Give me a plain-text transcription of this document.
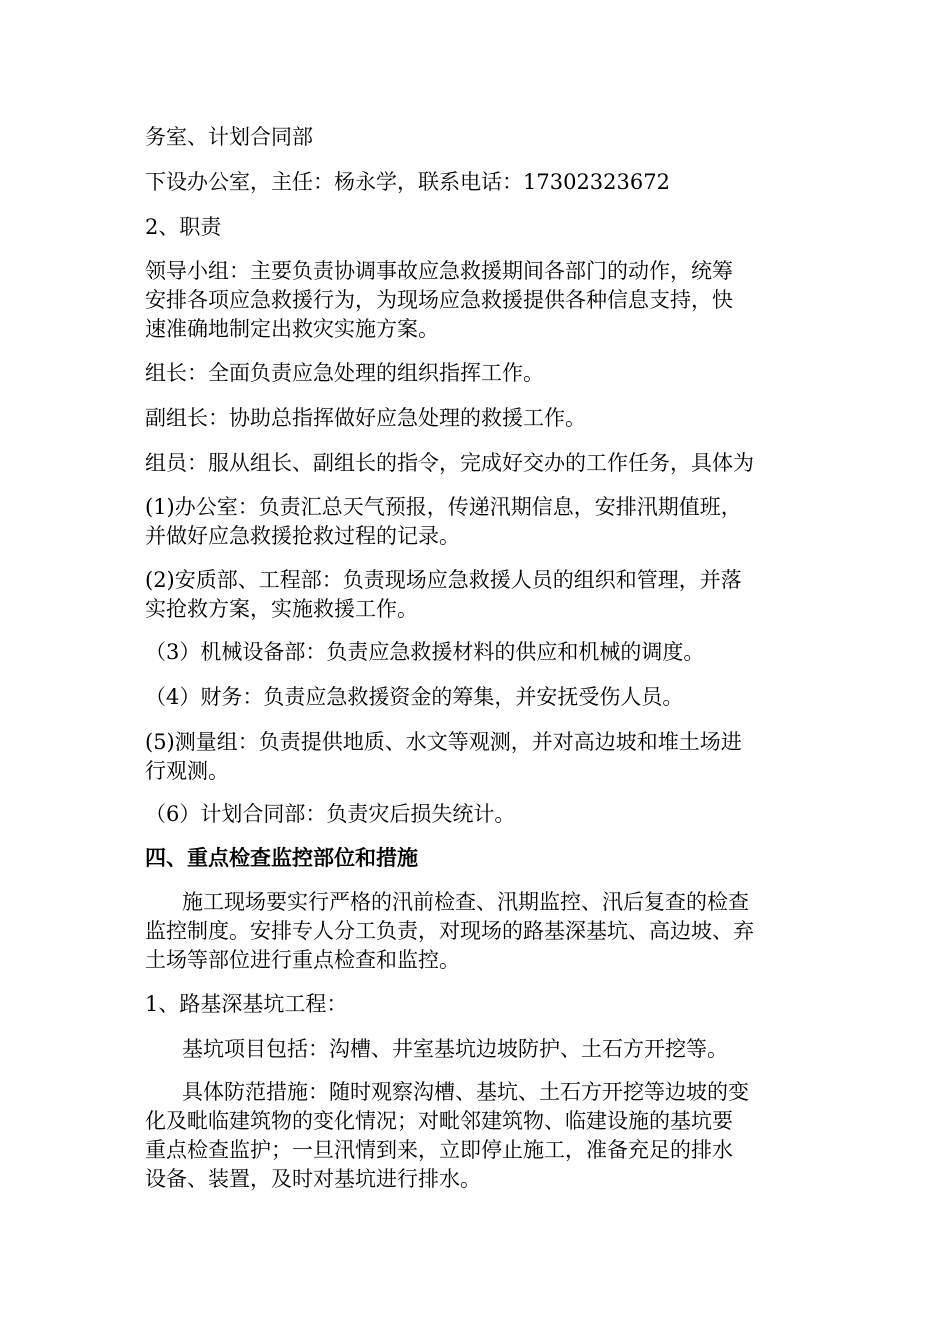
务室、计划合同部
下设办公室，主任：杨永学，联系电话：17302323672
2、职责
领导小组：主要负责协调事故应急救援期间各部门的动作，统筹
安排各项应急救援行为，为现场应急救援提供各种信息支持，快
速准确地制定出救灾实施方案。
组长：全面负责应急处理的组织指挥工作。
副组长：协助总指挥做好应急处理的救援工作。
组员：服从组长、副组长的指令，完成好交办的工作任务，具体为
(1)办公室：负责汇总天气预报，传递汛期信息，安排汛期值班，
并做好应急救援抢救过程的记录。
(2)安质部、工程部：负责现场应急救援人员的组织和管理，并落
实抢救方案，实施救援工作。
（3）机械设备部：负责应急救援材料的供应和机械的调度。
（4）财务：负责应急救援资金的筹集，并安抚受伤人员。
(5)测量组：负责提供地质、水文等观测，并对高边坡和堆土场进
行观测。
（6）计划合同部：负责灾后损失统计。
四、重点检查监控部位和措施
施工现场要实行严格的汛前检查、汛期监控、汛后复查的检查
监控制度。安排专人分工负责，对现场的路基深基坑、高边坡、弃
土场等部位进行重点检查和监控。
1、路基深基坑工程：
基坑项目包括：沟槽、井室基坑边坡防护、土石方开挖等。
具体防范措施：随时观察沟槽、基坑、土石方开挖等边坡的变
化及毗临建筑物的变化情况；对毗邻建筑物、临建设施的基坑要
重点检查监护；一旦汛情到来，立即停止施工，准备充足的排水
设备、装置，及时对基坑进行排水。
